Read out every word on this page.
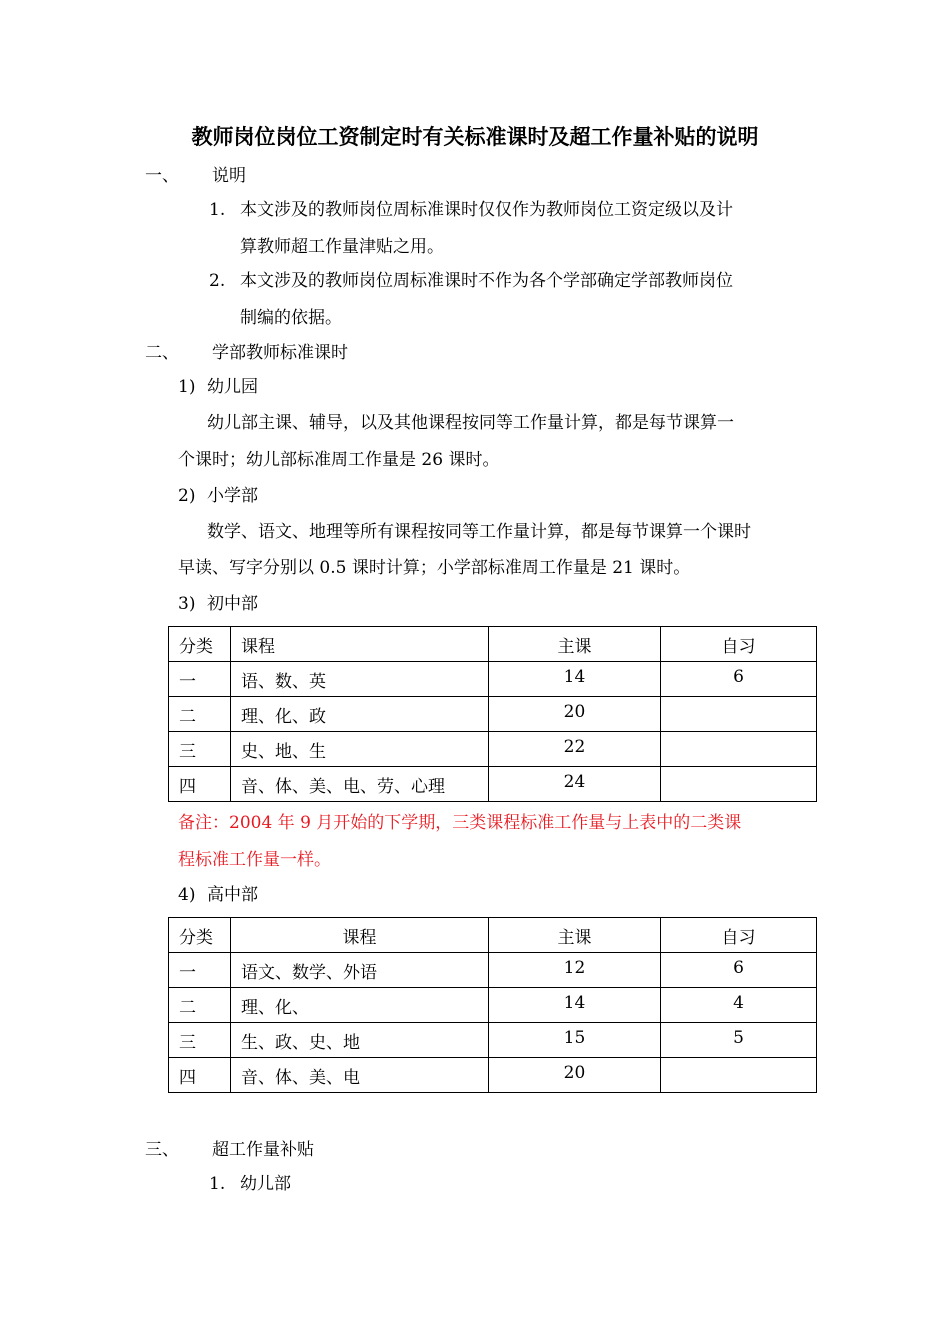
教师岗位岗位工资制定时有关标准课时及超工作量补贴的说明
一、 说明
1. 本文涉及的教师岗位周标准课时仅仅作为教师岗位工资定级以及计
算教师超工作量津贴之用。
2. 本文涉及的教师岗位周标准课时不作为各个学部确定学部教师岗位
制编的依据。
二、 学部教师标准课时
1) 幼儿园
幼儿部主课、辅导，以及其他课程按同等工作量计算，都是每节课算一
个课时；幼儿部标准周工作量是 26 课时。
2) 小学部
数学、语文、地理等所有课程按同等工作量计算，都是每节课算一个课时
早读、写字分别以 0.5 课时计算；小学部标准周工作量是 21 课时。
3) 初中部
分类	课程	主课	自习
一	语、数、英	14	6
二	理、化、政	20	
三	史、地、生	22	
四	音、体、美、电、劳、心理	24	
备注：2004 年 9 月开始的下学期，三类课程标准工作量与上表中的二类课
程标准工作量一样。
4) 高中部
分类	课程	主课	自习
一	语文、数学、外语	12	6
二	理、化、	14	4
三	生、政、史、地	15	5
四	音、体、美、电	20	
三、 超工作量补贴
1. 幼儿部
